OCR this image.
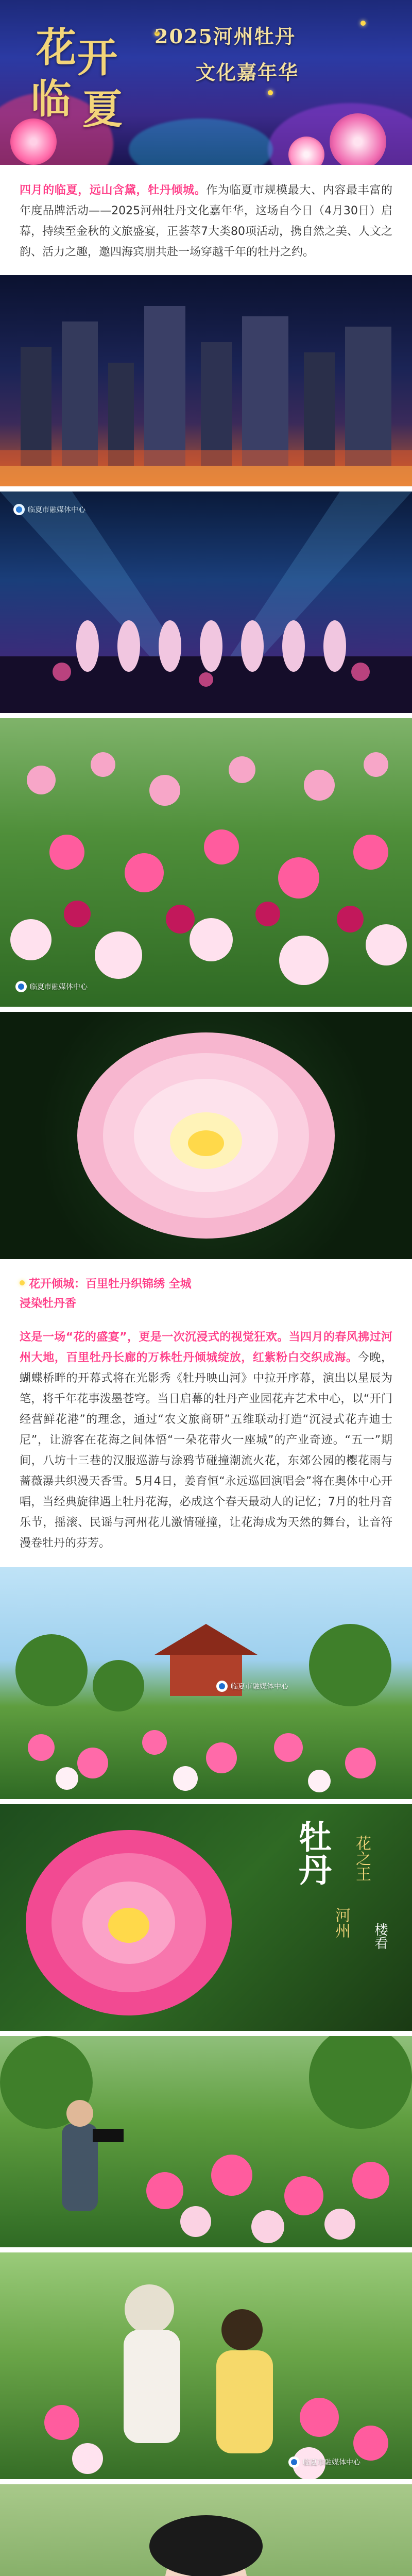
花 开
临 夏
2025河州牡丹
文化嘉年华

四月的临夏，远山含黛，牡丹倾城。作为临夏市规模最大、内容最丰富的年度品牌活动——2025河州牡丹文化嘉年华，这场自今日（4月30日）启幕，持续至金秋的文旅盛宴，正荟萃7大类80项活动，携自然之美、人文之韵、活力之趣，邀四海宾朋共赴一场穿越千年的牡丹之约。

临夏市融媒体中心
临夏市融媒体中心
花开倾城：百里牡丹织锦绣 全城
浸染牡丹香

这是一场“花的盛宴”，更是一次沉浸式的视觉狂欢。当四月的春风拂过河州大地，百里牡丹长廊的万株牡丹倾城绽放，红紫粉白交织成海。今晚，蝴蝶桥畔的开幕式将在光影秀《牡丹映山河》中拉开序幕，演出以星辰为笔，将千年花事泼墨苍穹。当日启幕的牡丹产业园花卉艺术中心，以“开门经营鲜花港”的理念，通过“农文旅商研”五维联动打造“沉浸式花卉迪士尼”，让游客在花海之间体悟“一朵花带火一座城”的产业奇迹。“五一”期间，八坊十三巷的汉服巡游与涂鸦节碰撞潮流火花，东郊公园的樱花雨与蔷薇瀑共织漫天香雪。5月4日，姜育恒“永远巡回演唱会”将在奥体中心开唱，当经典旋律遇上牡丹花海，必成这个春天最动人的记忆；7月的牡丹音乐节，摇滚、民谣与河州花儿激情碰撞，让花海成为天然的舞台，让音符漫卷牡丹的芬芳。

临夏市融媒体中心
牡丹 花之王
河州 楼看
临夏市融媒体中心
